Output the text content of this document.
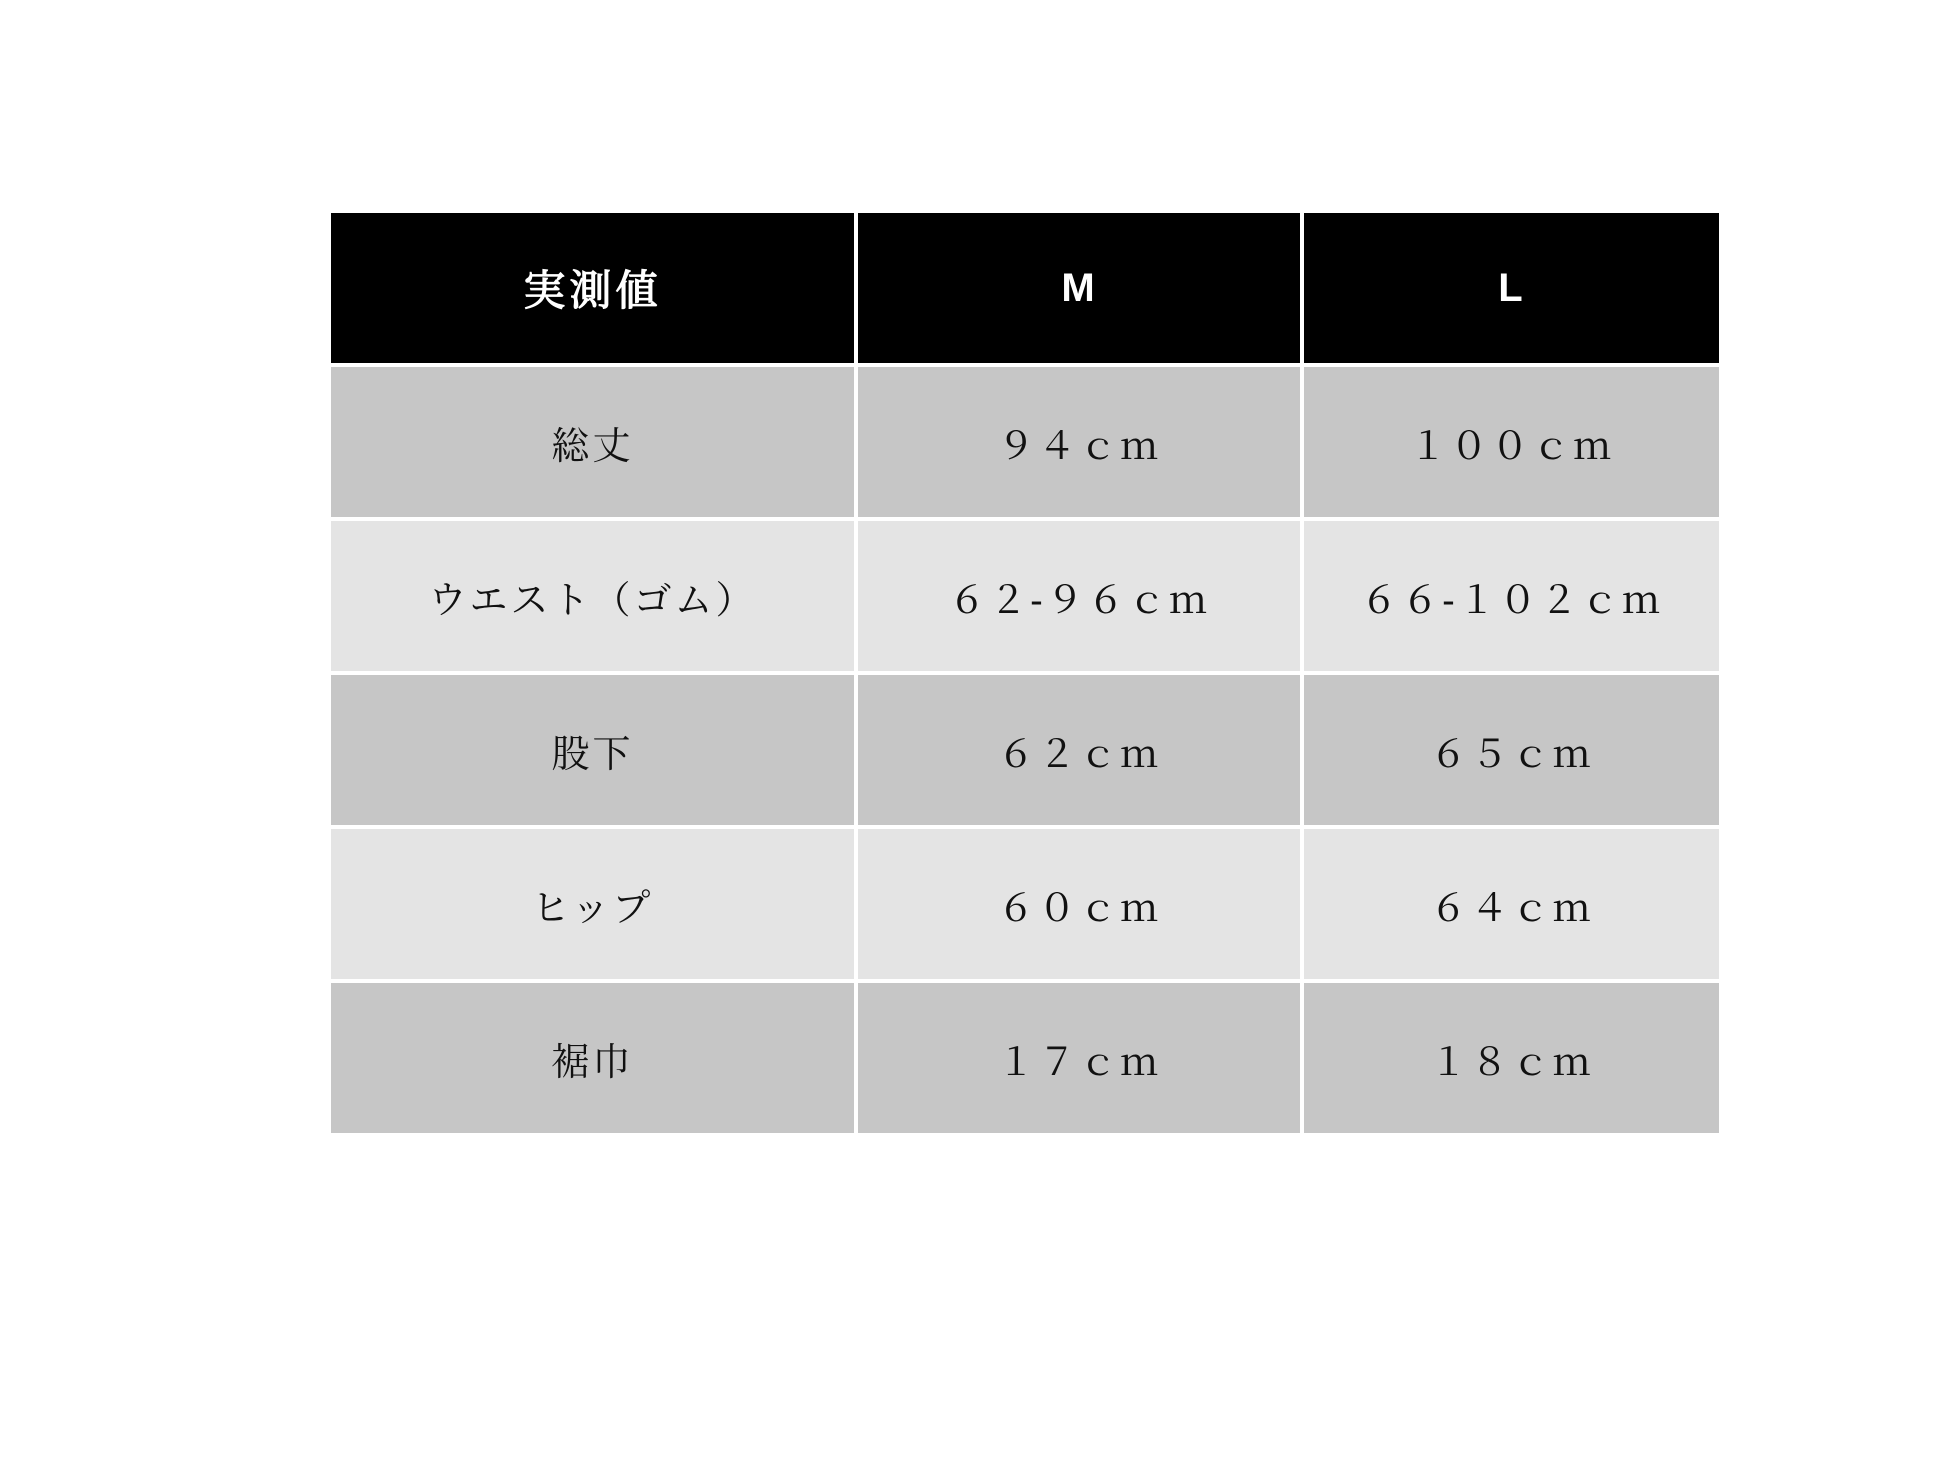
実測値	M	L
総丈	９４ｃｍ	１００ｃｍ
ウエスト（ゴム）	６２-９６ｃｍ	６６-１０２ｃｍ
股下	６２ｃｍ	６５ｃｍ
ヒップ	６０ｃｍ	６４ｃｍ
裾巾	１７ｃｍ	１８ｃｍ
